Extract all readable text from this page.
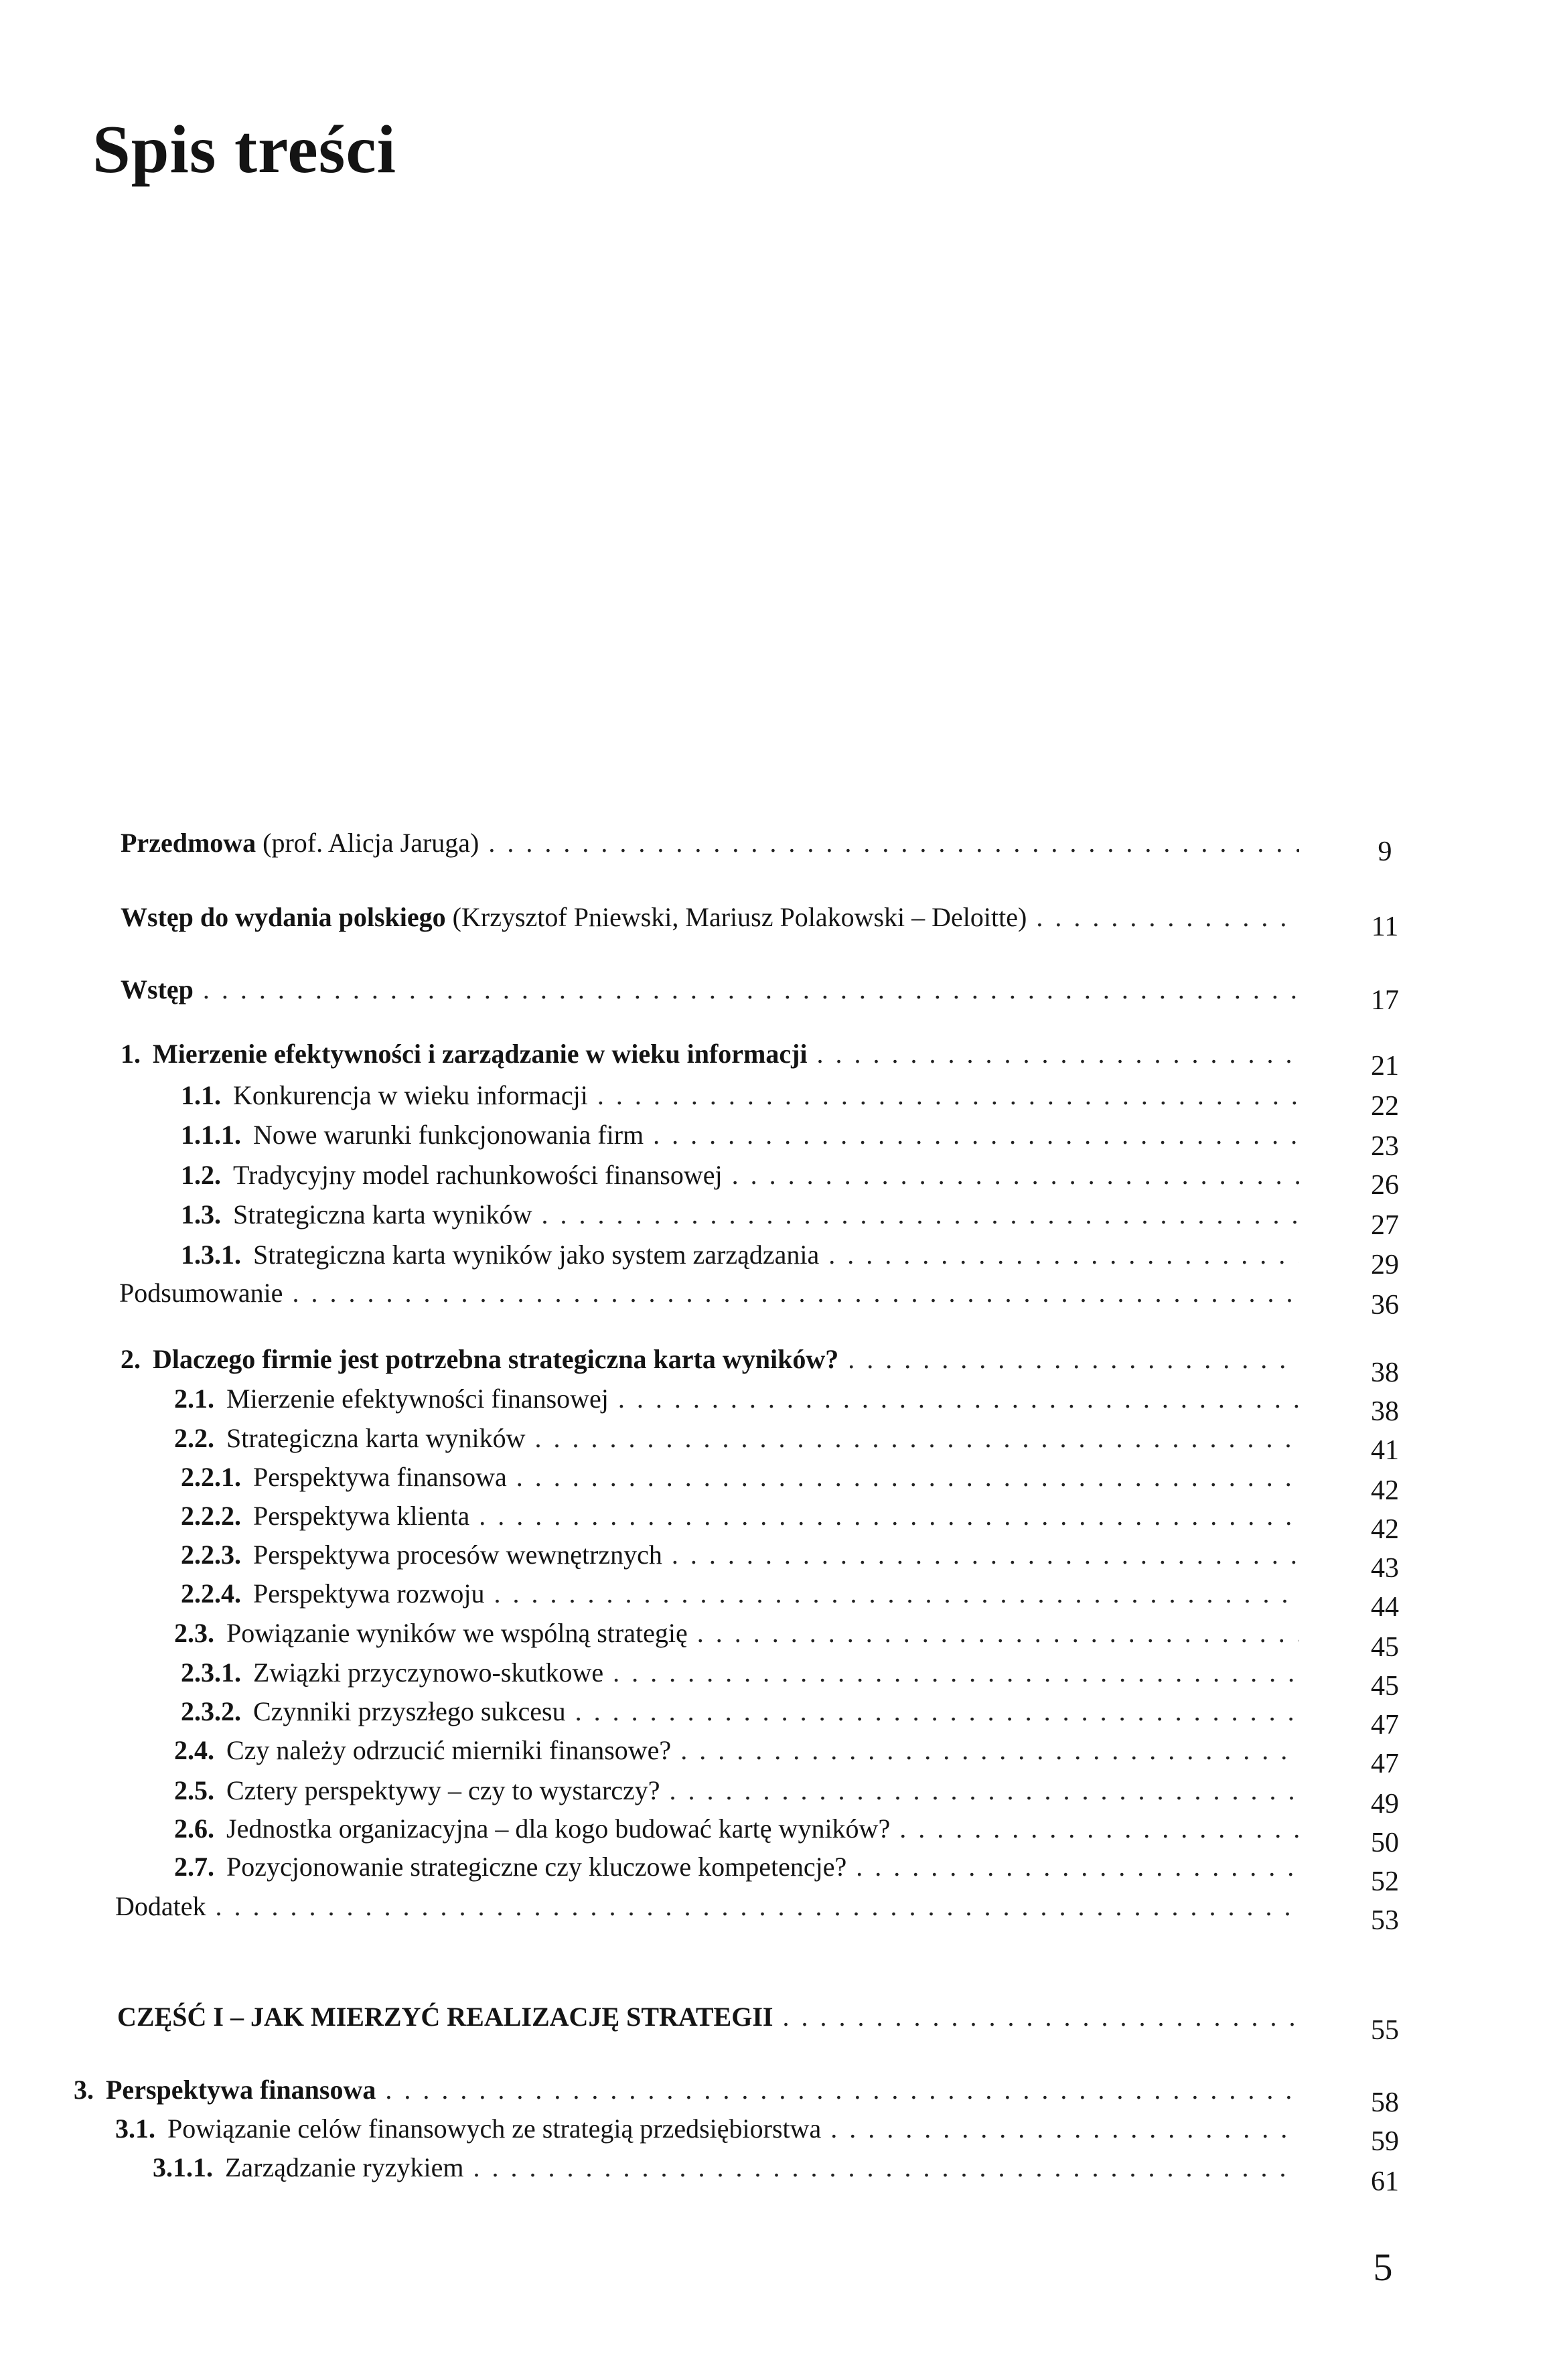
Spis treści
Przedmowa (prof. Alicja Jaruga) . . .	9
Wstęp do wydania polskiego (Krzysztof Pniewski, Mariusz Polakowski – Deloitte) . . .	11
Wstęp . . .	17
1. Mierzenie efektywności i zarządzanie w wieku informacji . . .	21
1.1. Konkurencja w wieku informacji . . .	22
1.1.1. Nowe warunki funkcjonowania firm . . .	23
1.2. Tradycyjny model rachunkowości finansowej . . .	26
1.3. Strategiczna karta wyników . . .	27
1.3.1. Strategiczna karta wyników jako system zarządzania . . .	29
Podsumowanie . . .	36
2. Dlaczego firmie jest potrzebna strategiczna karta wyników? . . .	38
2.1. Mierzenie efektywności finansowej . . .	38
2.2. Strategiczna karta wyników . . .	41
2.2.1. Perspektywa finansowa . . .	42
2.2.2. Perspektywa klienta . . .	42
2.2.3. Perspektywa procesów wewnętrznych . . .	43
2.2.4. Perspektywa rozwoju . . .	44
2.3. Powiązanie wyników we wspólną strategię . . .	45
2.3.1. Związki przyczynowo-skutkowe . . .	45
2.3.2. Czynniki przyszłego sukcesu . . .	47
2.4. Czy należy odrzucić mierniki finansowe? . . .	47
2.5. Cztery perspektywy – czy to wystarczy? . . .	49
2.6. Jednostka organizacyjna – dla kogo budować kartę wyników? . . .	50
2.7. Pozycjonowanie strategiczne czy kluczowe kompetencje? . . .	52
Dodatek . . .	53
CZĘŚĆ I – JAK MIERZYĆ REALIZACJĘ STRATEGII . . .	55
3. Perspektywa finansowa . . .	58
3.1. Powiązanie celów finansowych ze strategią przedsiębiorstwa . . .	59
3.1.1. Zarządzanie ryzykiem . . .	61
5
